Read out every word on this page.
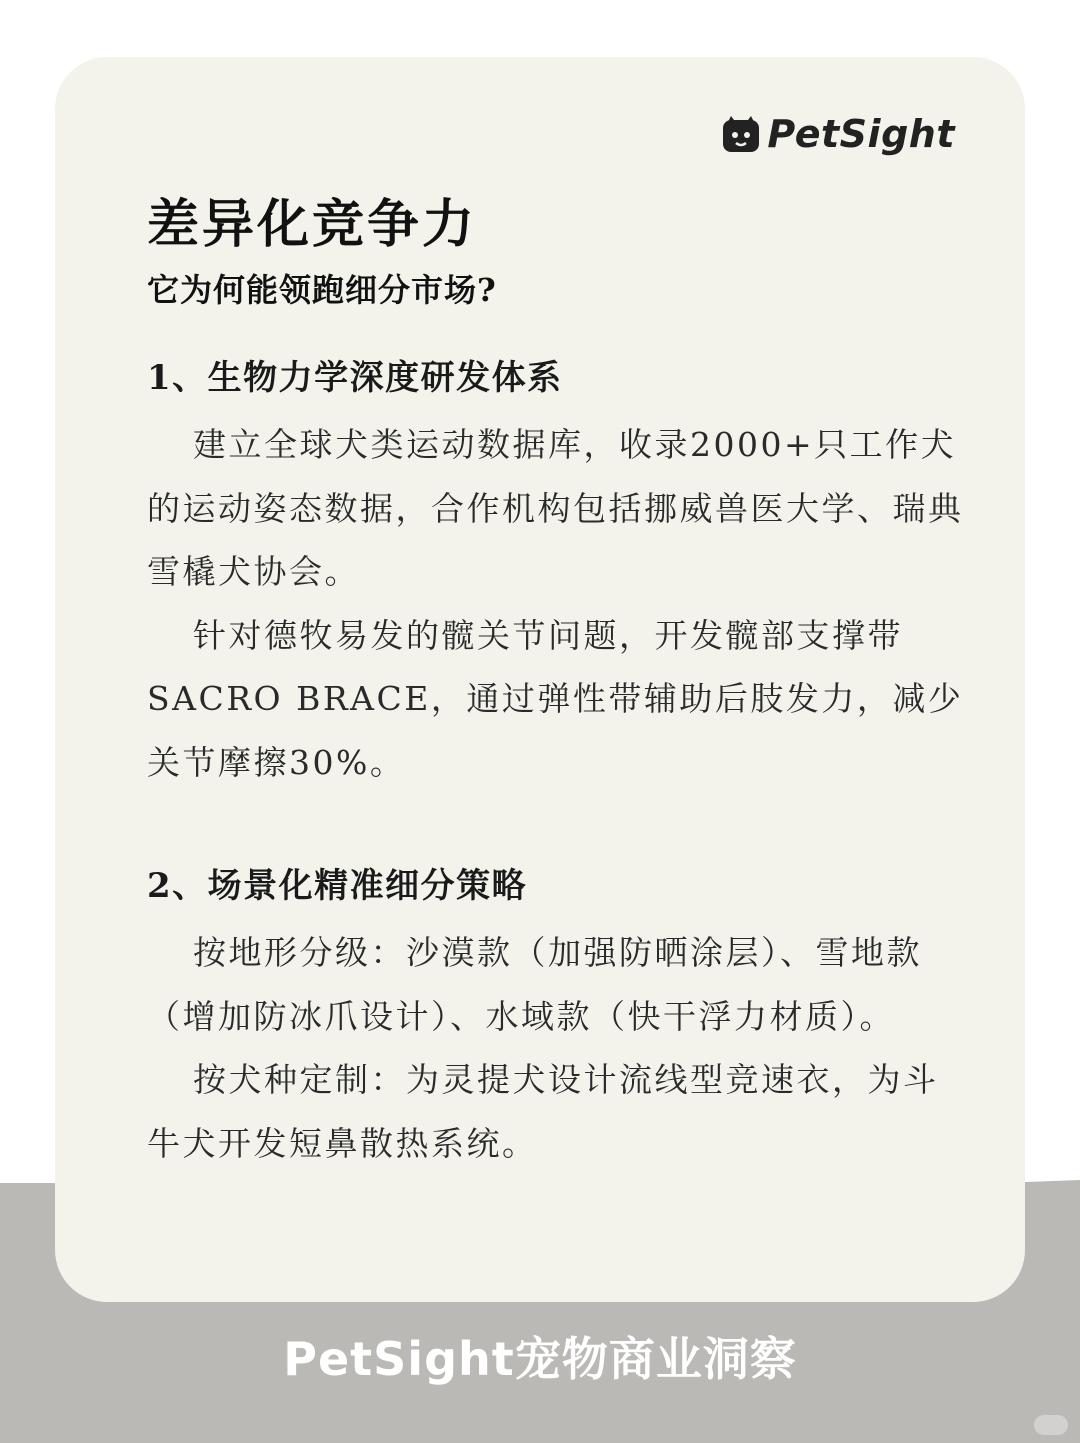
PetSight
差异化竞争力
它为何能领跑细分市场?
1、生物力学深度研发体系

建立全球犬类运动数据库，收录2000+只工作犬的运动姿态数据，合作机构包括挪威兽医大学、瑞典雪橇犬协会。

针对德牧易发的髋关节问题，开发髋部支撑带SACRO BRACE，通过弹性带辅助后肢发力，减少关节摩擦30%。

2、场景化精准细分策略

按地形分级：沙漠款（加强防晒涂层）、雪地款（增加防冰爪设计）、水域款（快干浮力材质）。

按犬种定制：为灵提犬设计流线型竞速衣，为斗牛犬开发短鼻散热系统。

PetSight宠物商业洞察
